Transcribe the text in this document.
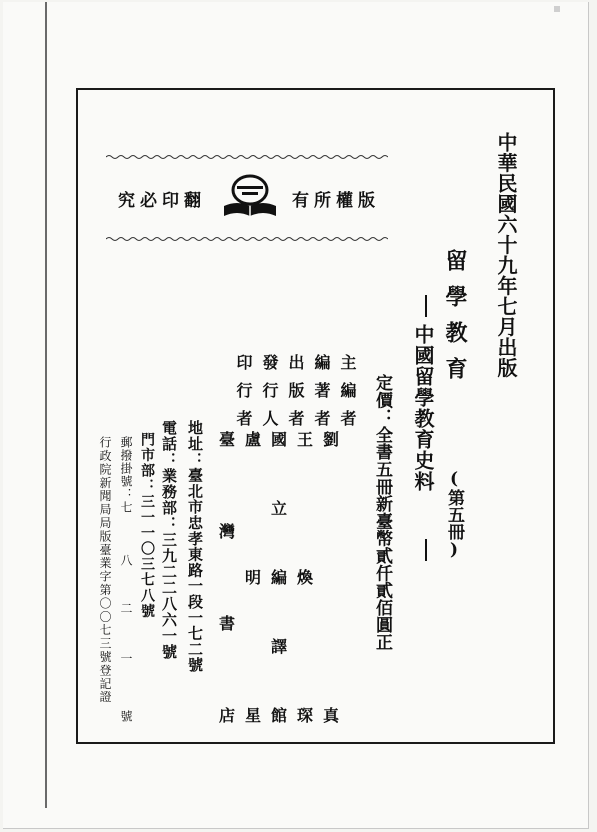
中華民國六十九年七月出版

留學教育

(第五冊)

中國留學教育史料

定價：全書五冊新臺幣貳仟貳佰圓正

主編者

編著者

出版者

發行人

印行者

劉
真
王
煥
琛
國
立
編
譯
館
盧
明
星
臺
灣
書
店

地址：臺北市忠孝東路一段一七二號

電話：業務部：三九二二八六一號

門市部：三一一〇三七八號

郵撥掛號：七

八

二

一

號

行政院新聞局局版臺業字第〇〇七三號登記證

究必印翻	有所權版
